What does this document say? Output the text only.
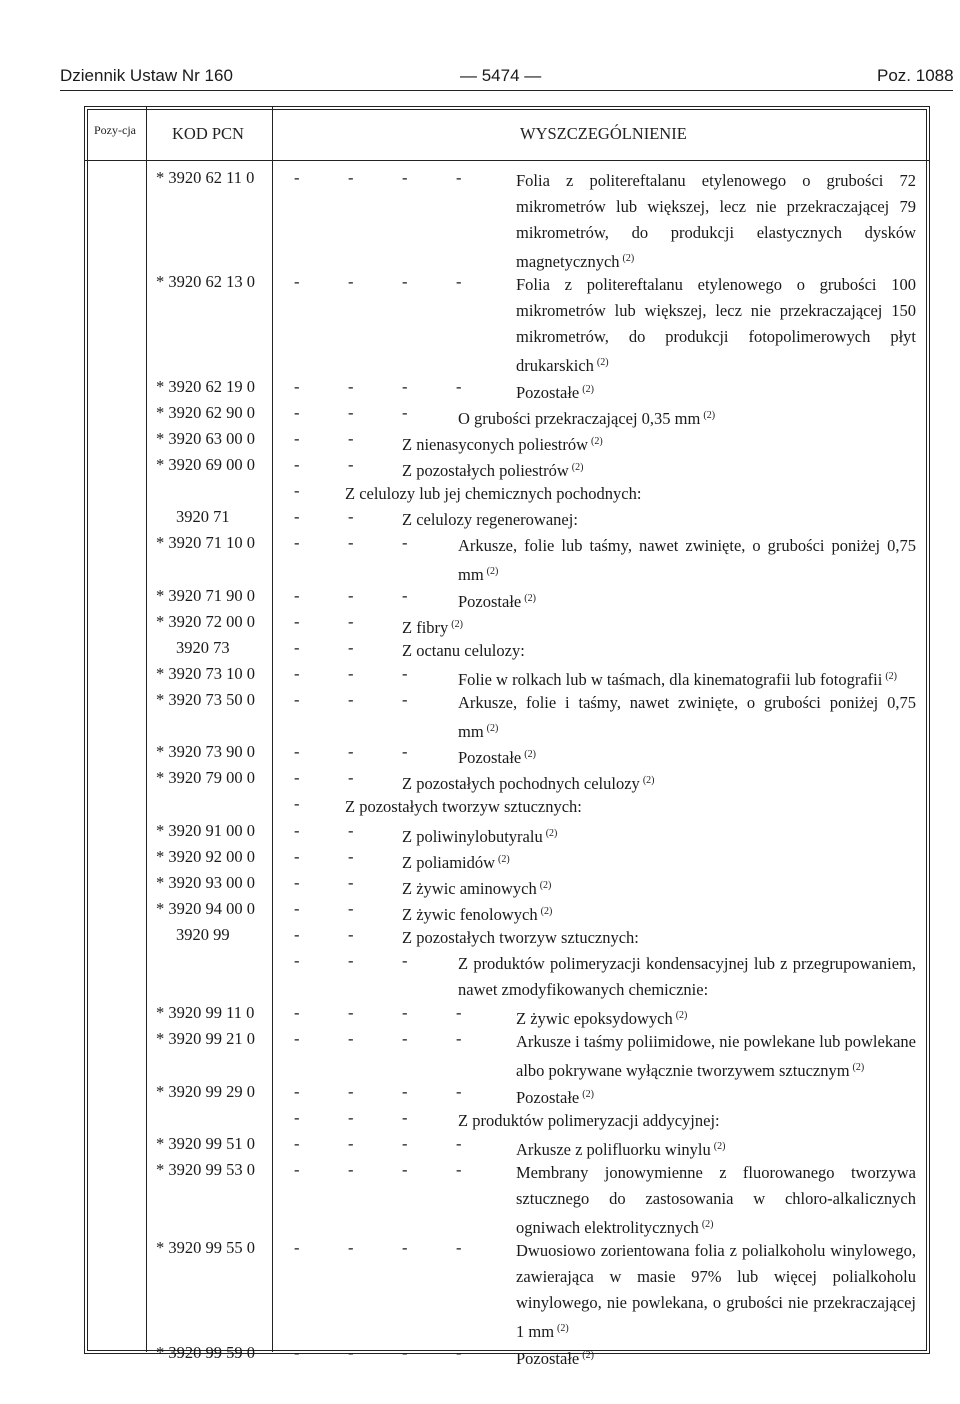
Dziennik Ustaw Nr 160	— 5474 —	Poz. 1088
Pozy-cja	KOD PCN	WYSZCZEGÓLNIENIE
* 3920 62 11 0	-	-	-	-	Folia z politereftalanu etylenowego o grubości 72 mikrometrów lub większej, lecz nie przekraczającej 79 mikrometrów, do produkcji elastycznych dysków magnetycznych $^{(2)}$
* 3920 62 13 0	-	-	-	-	Folia z politereftalanu etylenowego o grubości 100 mikrometrów lub większej, lecz nie przekraczającej 150 mikrometrów, do produkcji fotopolimerowych płyt drukarskich $^{(2)}$
* 3920 62 19 0	-	-	-	-	Pozostałe $^{(2)}$
* 3920 62 90 0	-	-	-	O grubości przekraczającej 0,35 mm $^{(2)}$
* 3920 63 00 0	-	-	Z nienasyconych poliestrów $^{(2)}$
* 3920 69 00 0	-	-	Z pozostałych poliestrów $^{(2)}$
-	Z celulozy lub jej chemicznych pochodnych:
3920 71	-	-	Z celulozy regenerowanej:
* 3920 71 10 0	-	-	-	Arkusze, folie lub taśmy, nawet zwinięte, o grubości poniżej 0,75 mm $^{(2)}$
* 3920 71 90 0	-	-	-	Pozostałe $^{(2)}$
* 3920 72 00 0	-	-	Z fibry $^{(2)}$
3920 73	-	-	Z octanu celulozy:
* 3920 73 10 0	-	-	-	Folie w rolkach lub w taśmach, dla kinematografii lub fotografii $^{(2)}$
* 3920 73 50 0	-	-	-	Arkusze, folie i taśmy, nawet zwinięte, o grubości poniżej 0,75 mm $^{(2)}$
* 3920 73 90 0	-	-	-	Pozostałe $^{(2)}$
* 3920 79 00 0	-	-	Z pozostałych pochodnych celulozy $^{(2)}$
-	Z pozostałych tworzyw sztucznych:
* 3920 91 00 0	-	-	Z poliwinylobutyralu $^{(2)}$
* 3920 92 00 0	-	-	Z poliamidów $^{(2)}$
* 3920 93 00 0	-	-	Z żywic aminowych $^{(2)}$
* 3920 94 00 0	-	-	Z żywic fenolowych $^{(2)}$
3920 99	-	-	Z pozostałych tworzyw sztucznych:
-	-	-	Z produktów polimeryzacji kondensacyjnej lub z przegrupowaniem, nawet zmodyfikowanych chemicznie:
* 3920 99 11 0	-	-	-	-	Z żywic epoksydowych $^{(2)}$
* 3920 99 21 0	-	-	-	-	Arkusze i taśmy poliimidowe, nie powlekane lub powlekane albo pokrywane wyłącznie tworzywem sztucznym $^{(2)}$
* 3920 99 29 0	-	-	-	-	Pozostałe $^{(2)}$
-	-	-	Z produktów polimeryzacji addycyjnej:
* 3920 99 51 0	-	-	-	-	Arkusze z polifluorku winylu $^{(2)}$
* 3920 99 53 0	-	-	-	-	Membrany jonowymienne z fluorowanego tworzywa sztucznego do zastosowania w chloro-alkalicznych ogniwach elektrolitycznych $^{(2)}$
* 3920 99 55 0	-	-	-	-	Dwuosiowo zorientowana folia z polialkoholu winylowego, zawierająca w masie 97% lub więcej polialkoholu winylowego, nie powlekana, o grubości nie przekraczającej 1 mm $^{(2)}$
* 3920 99 59 0	-	-	-	-	Pozostałe $^{(2)}$
